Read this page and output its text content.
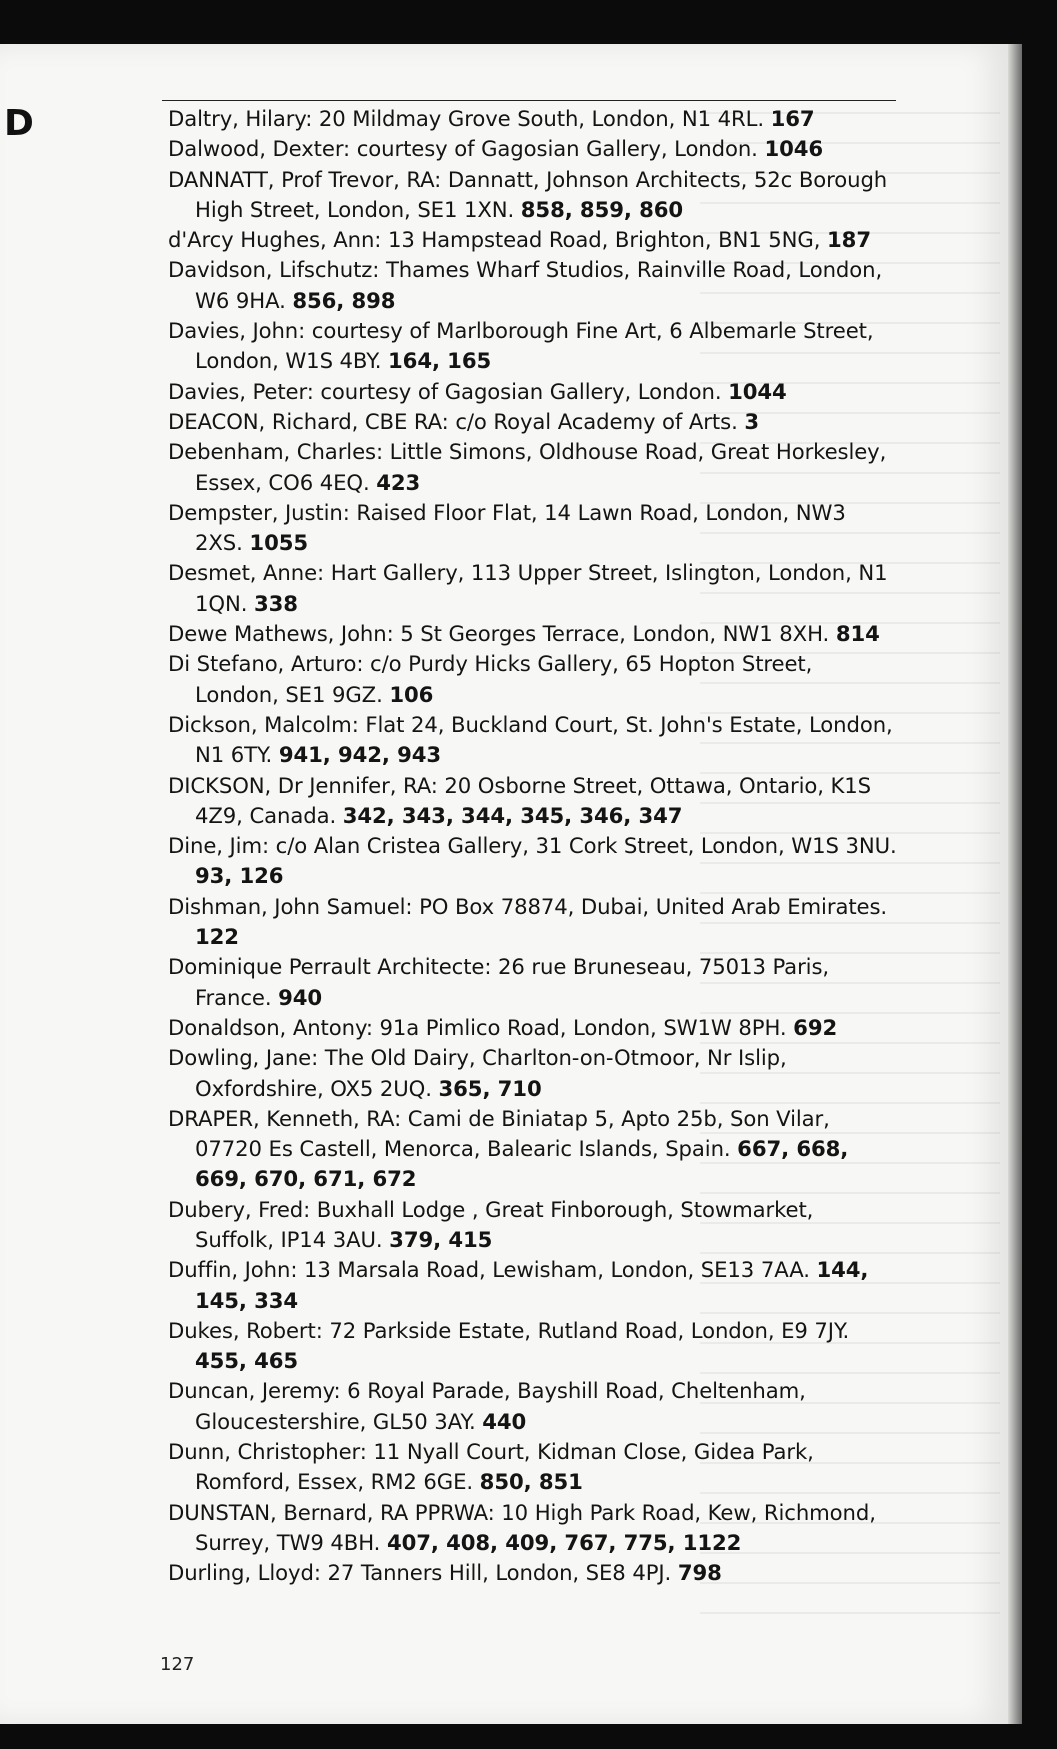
D	Daltry, Hilary: 20 Mildmay Grove South, London, N1 4RL. 167

Dalwood, Dexter: courtesy of Gagosian Gallery, London. 1046

DANNATT, Prof Trevor, RA: Dannatt, Johnson Architects, 52c Borough High Street, London, SE1 1XN. 858, 859, 860

d'Arcy Hughes, Ann: 13 Hampstead Road, Brighton, BN1 5NG, 187

Davidson, Lifschutz: Thames Wharf Studios, Rainville Road, London, W6 9HA. 856, 898

Davies, John: courtesy of Marlborough Fine Art, 6 Albemarle Street, London, W1S 4BY. 164, 165

Davies, Peter: courtesy of Gagosian Gallery, London. 1044

DEACON, Richard, CBE RA: c/o Royal Academy of Arts. 3

Debenham, Charles: Little Simons, Oldhouse Road, Great Horkesley, Essex, CO6 4EQ. 423

Dempster, Justin: Raised Floor Flat, 14 Lawn Road, London, NW3 2XS. 1055

Desmet, Anne: Hart Gallery, 113 Upper Street, Islington, London, N1 1QN. 338

Dewe Mathews, John: 5 St Georges Terrace, London, NW1 8XH. 814

Di Stefano, Arturo: c/o Purdy Hicks Gallery, 65 Hopton Street, London, SE1 9GZ. 106

Dickson, Malcolm: Flat 24, Buckland Court, St. John's Estate, London, N1 6TY. 941, 942, 943

DICKSON, Dr Jennifer, RA: 20 Osborne Street, Ottawa, Ontario, K1S 4Z9, Canada. 342, 343, 344, 345, 346, 347

Dine, Jim: c/o Alan Cristea Gallery, 31 Cork Street, London, W1S 3NU. 93, 126

Dishman, John Samuel: PO Box 78874, Dubai, United Arab Emirates. 122

Dominique Perrault Architecte: 26 rue Bruneseau, 75013 Paris, France. 940

Donaldson, Antony: 91a Pimlico Road, London, SW1W 8PH. 692

Dowling, Jane: The Old Dairy, Charlton-on-Otmoor, Nr Islip, Oxfordshire, OX5 2UQ. 365, 710

DRAPER, Kenneth, RA: Cami de Biniatap 5, Apto 25b, Son Vilar, 07720 Es Castell, Menorca, Balearic Islands, Spain. 667, 668, 669, 670, 671, 672

Dubery, Fred: Buxhall Lodge , Great Finborough, Stowmarket, Suffolk, IP14 3AU. 379, 415

Duffin, John: 13 Marsala Road, Lewisham, London, SE13 7AA. 144, 145, 334

Dukes, Robert: 72 Parkside Estate, Rutland Road, London, E9 7JY. 455, 465

Duncan, Jeremy: 6 Royal Parade, Bayshill Road, Cheltenham, Gloucestershire, GL50 3AY. 440

Dunn, Christopher: 11 Nyall Court, Kidman Close, Gidea Park, Romford, Essex, RM2 6GE. 850, 851

DUNSTAN, Bernard, RA PPRWA: 10 High Park Road, Kew, Richmond, Surrey, TW9 4BH. 407, 408, 409, 767, 775, 1122

Durling, Lloyd: 27 Tanners Hill, London, SE8 4PJ. 798

127
